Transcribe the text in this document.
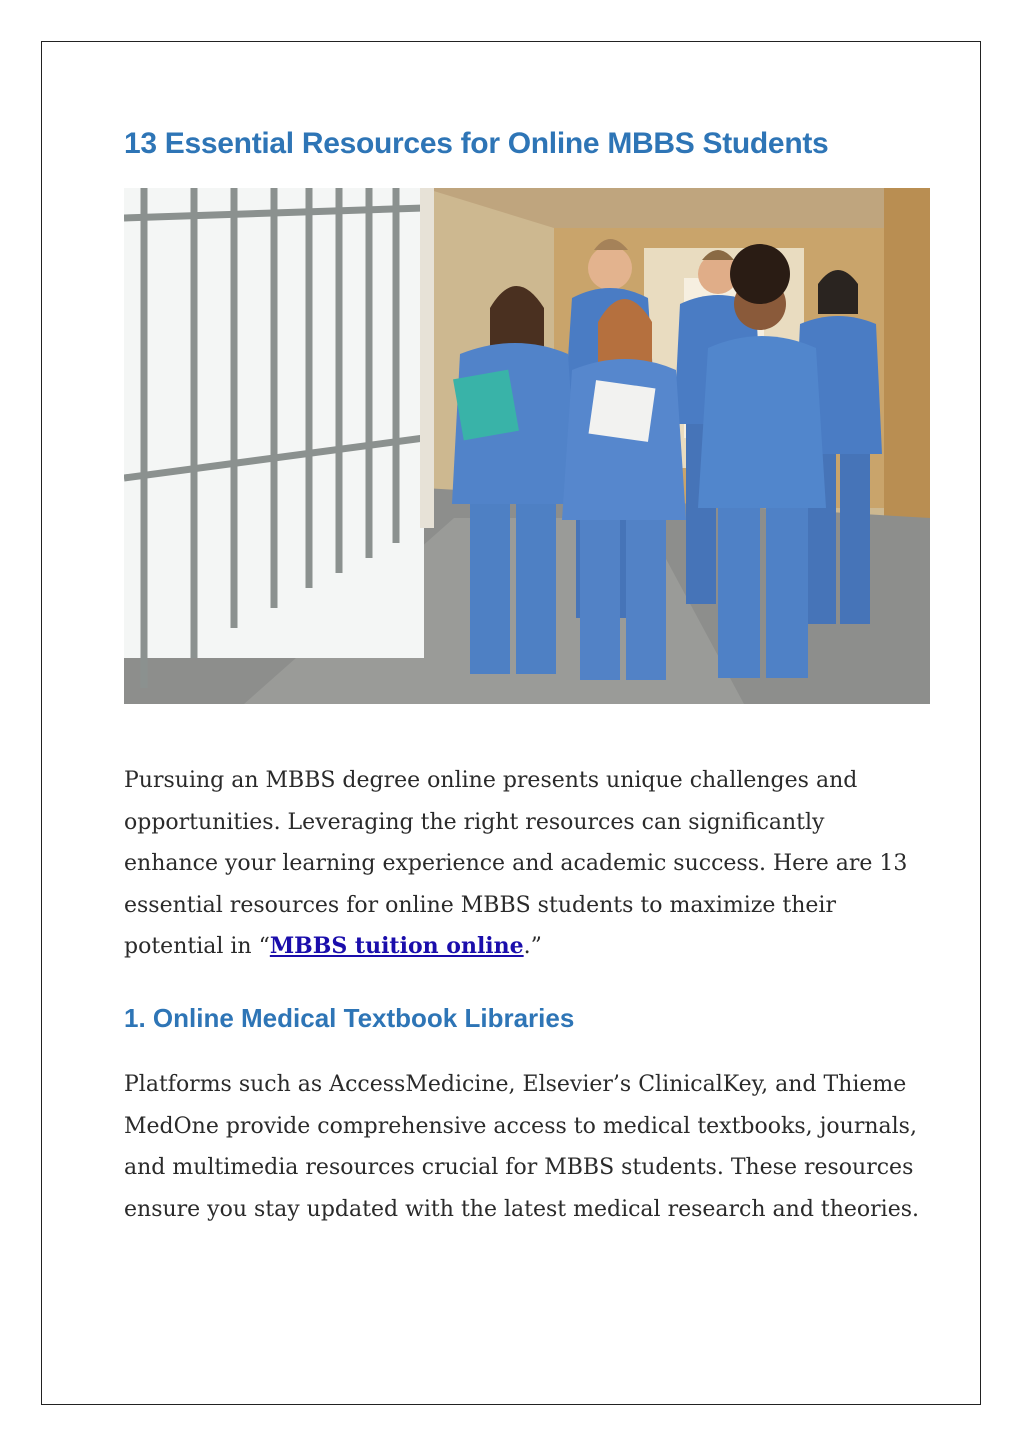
13 Essential Resources for Online MBBS Students

Pursuing an MBBS degree online presents unique challenges and opportunities. Leveraging the right resources can significantly enhance your learning experience and academic success. Here are 13 essential resources for online MBBS students to maximize their potential in “MBBS tuition online.”

1. Online Medical Textbook Libraries

Platforms such as AccessMedicine, Elsevier’s ClinicalKey, and Thieme MedOne provide comprehensive access to medical textbooks, journals, and multimedia resources crucial for MBBS students. These resources ensure you stay updated with the latest medical research and theories.
